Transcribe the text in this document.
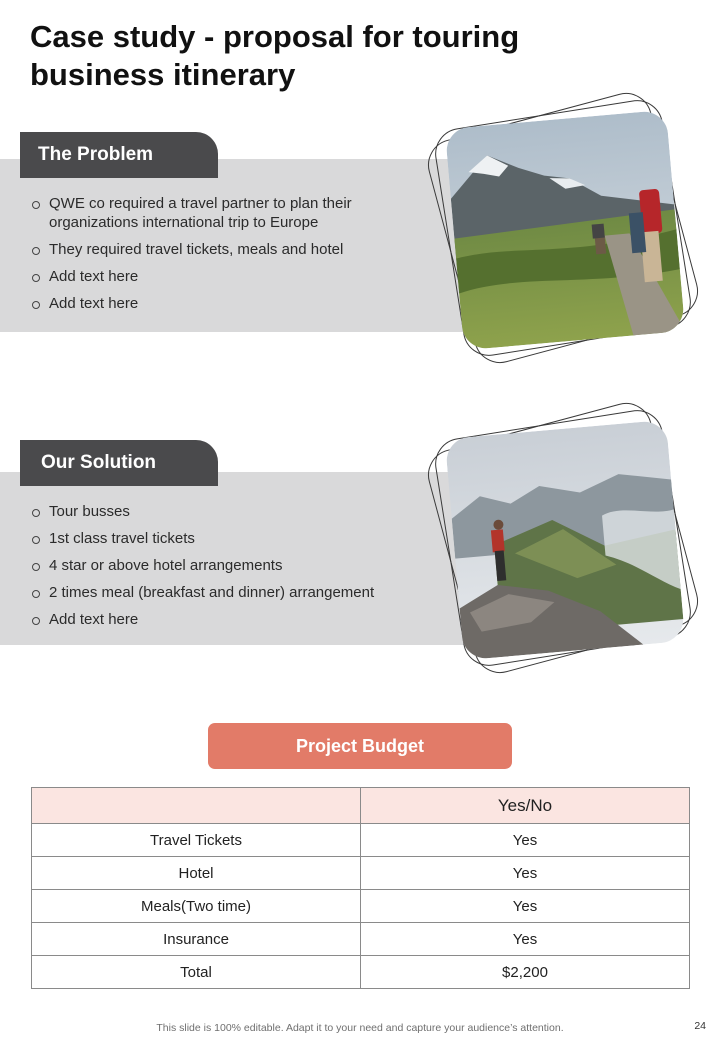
Case study - proposal for touring business itinerary
The Problem
QWE co required a travel partner to plan their organizations international trip to Europe
They required travel tickets, meals and hotel
Add text here
Add text here
Our Solution
Tour busses
1st class travel tickets
4 star or above hotel arrangements
2 times meal (breakfast and dinner) arrangement
Add text here
Project Budget
	Yes/No
Travel Tickets	Yes
Hotel	Yes
Meals(Two time)	Yes
Insurance	Yes
Total	$2,200
This slide is 100% editable. Adapt it to your need and capture your audience’s attention.	24
